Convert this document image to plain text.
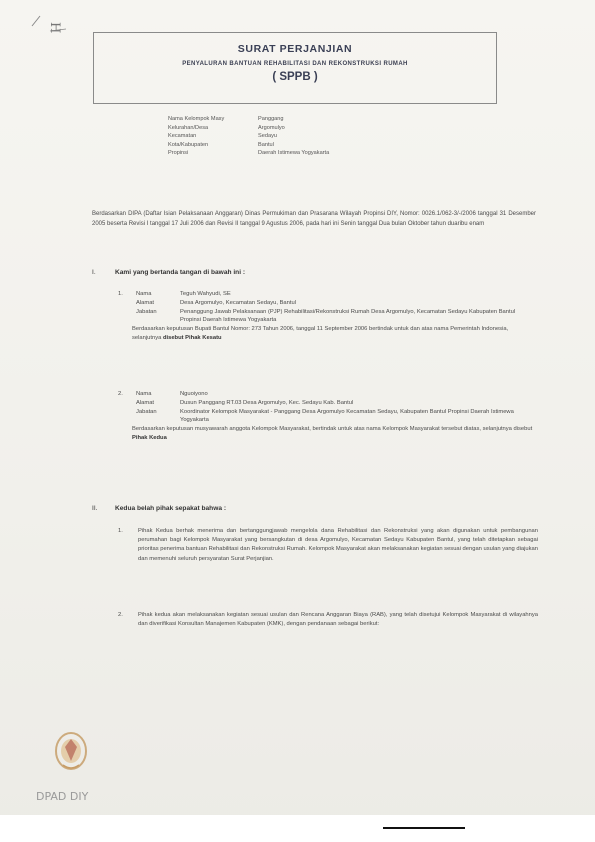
H
SURAT PERJANJIAN
PENYALURAN BANTUAN REHABILITASI DAN REKONSTRUKSI RUMAH
( SPPB )
Nama Kelompok Masy	Panggang
Kelurahan/Desa	Argomulyo
Kecamatan	Sedayu
Kota/Kabupaten	Bantul
Propinsi	Daerah Istimewa Yogyakarta
Berdasarkan DIPA (Daftar Isian Pelaksanaan Anggaran) Dinas Permukiman dan Prasarana Wilayah Propinsi DIY, Nomor: 0026.1/062-3/-/2006 tanggal 31 Desember 2005 beserta Revisi I tanggal 17 Juli 2006 dan Revisi II tanggal 9 Agustus 2006, pada hari ini Senin tanggal Dua bulan Oktober tahun duaribu enam
I.	Kami yang bertanda tangan di bawah ini :
1.	Nama	Teguh Wahyudi, SE
Alamat	Desa Argomulyo, Kecamatan Sedayu, Bantul
Jabatan	Penanggung Jawab Pelaksanaan (PJP) Rehabilitasi/Rekonstruksi Rumah Desa Argomulyo, Kecamatan Sedayu Kabupaten Bantul Propinsi Daerah Istimewa Yogyakarta
Berdasarkan keputusan Bupati Bantul Nomor: 273 Tahun 2006, tanggal 11 September 2006 bertindak untuk dan atas nama Pemerintah Indonesia, selanjutnya disebut Pihak Kesatu
2.	Nama	Nguoiyono
Alamat	Dusun Panggang RT.03 Desa Argomulyo, Kec. Sedayu Kab. Bantul
Jabatan	Koordinator Kelompok Masyarakat - Panggang Desa Argomulyo Kecamatan Sedayu, Kabupaten Bantul Propinsi Daerah Istimewa Yogyakarta
Berdasarkan keputusan musyawarah anggota Kelompok Masyarakat, bertindak untuk atas nama Kelompok Masyarakat tersebut diatas, selanjutnya disebut Pihak Kedua
II.	Kedua belah pihak sepakat bahwa :
1.	Pihak Kedua berhak menerima dan bertanggungjawab mengelola dana Rehabilitasi dan Rekonstruksi yang akan digunakan untuk pembangunan perumahan bagi Kelompok Masyarakat yang bersangkutan di desa Argomulyo, Kecamatan Sedayu Kabupaten Bantul, yang telah ditetapkan sebagai prioritas penerima bantuan Rehabilitasi dan Rekonstruksi Rumah. Kelompok Masyarakat akan melaksanakan kegiatan sesuai dengan usulan yang diajukan dan memenuhi seluruh persyaratan Surat Perjanjian.
2.	Pihak kedua akan melaksanakan kegiatan sesuai usulan dan Rencana Anggaran Biaya (RAB), yang telah disetujui Kelompok Masyarakat di wilayahnya dan diverifikasi Konsultan Manajemen Kabupaten (KMK), dengan pendanaan sebagai berikut:
DPAD DIY
